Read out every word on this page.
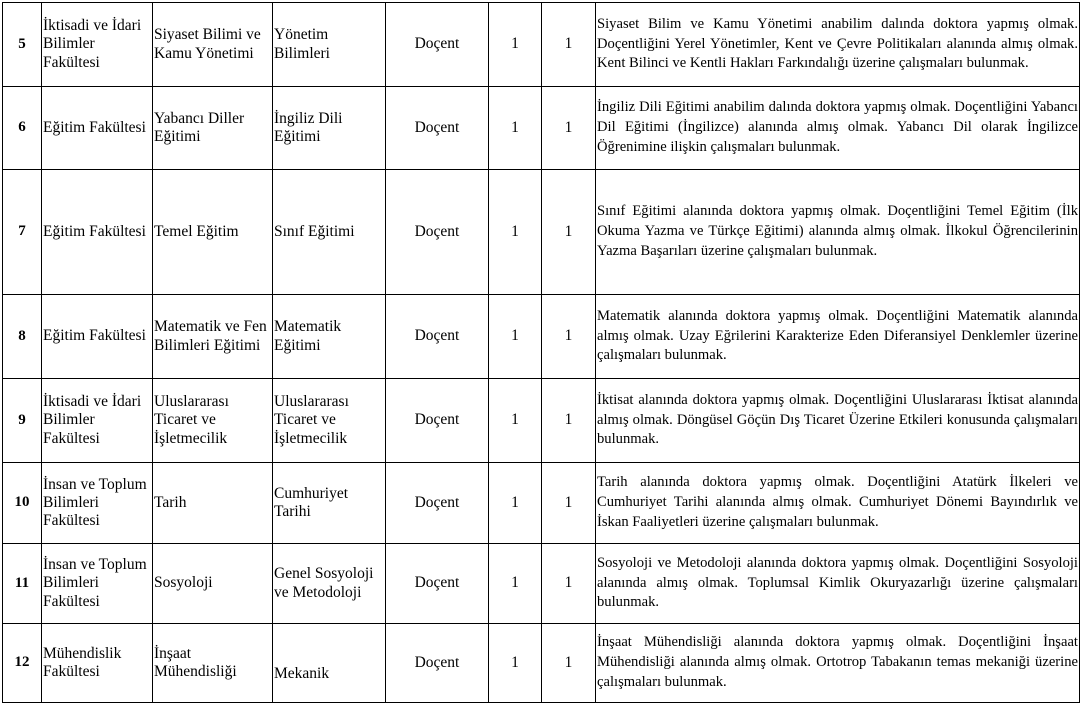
5	İktisadi ve İdari Bilimler Fakültesi	Siyaset Bilimi ve Kamu Yönetimi	Yönetim Bilimleri	Doçent	1	1	Siyaset Bilim ve Kamu Yönetimi anabilim dalında doktora yapmış olmak. Doçentliğini Yerel Yönetimler, Kent ve Çevre Politikaları alanında almış olmak. Kent Bilinci ve Kentli Hakları Farkındalığı üzerine çalışmaları bulunmak.
6	Eğitim Fakültesi	Yabancı Diller Eğitimi	İngiliz Dili Eğitimi	Doçent	1	1	İngiliz Dili Eğitimi anabilim dalında doktora yapmış olmak. Doçentliğini Yabancı Dil Eğitimi (İngilizce) alanında almış olmak. Yabancı Dil olarak İngilizce Öğrenimine ilişkin çalışmaları bulunmak.
7	Eğitim Fakültesi	Temel Eğitim	Sınıf Eğitimi	Doçent	1	1	Sınıf Eğitimi alanında doktora yapmış olmak. Doçentliğini Temel Eğitim (İlk Okuma Yazma ve Türkçe Eğitimi) alanında almış olmak. İlkokul Öğrencilerinin Yazma Başarıları üzerine çalışmaları bulunmak.
8	Eğitim Fakültesi	Matematik ve Fen Bilimleri Eğitimi	Matematik Eğitimi	Doçent	1	1	Matematik alanında doktora yapmış olmak. Doçentliğini Matematik alanında almış olmak. Uzay Eğrilerini Karakterize Eden Diferansiyel Denklemler üzerine çalışmaları bulunmak.
9	İktisadi ve İdari Bilimler Fakültesi	Uluslararası Ticaret ve İşletmecilik	Uluslararası Ticaret ve İşletmecilik	Doçent	1	1	İktisat alanında doktora yapmış olmak. Doçentliğini Uluslararası İktisat alanında almış olmak. Döngüsel Göçün Dış Ticaret Üzerine Etkileri konusunda çalışmaları bulunmak.
10	İnsan ve Toplum Bilimleri Fakültesi	Tarih	Cumhuriyet Tarihi	Doçent	1	1	Tarih alanında doktora yapmış olmak. Doçentliğini Atatürk İlkeleri ve Cumhuriyet Tarihi alanında almış olmak. Cumhuriyet Dönemi Bayındırlık ve İskan Faaliyetleri üzerine çalışmaları bulunmak.
11	İnsan ve Toplum Bilimleri Fakültesi	Sosyoloji	Genel Sosyoloji ve Metodoloji	Doçent	1	1	Sosyoloji ve Metodoloji alanında doktora yapmış olmak. Doçentliğini Sosyoloji alanında almış olmak. Toplumsal Kimlik Okuryazarlığı üzerine çalışmaları bulunmak.
12	Mühendislik Fakültesi	İnşaat Mühendisliği	Mekanik	Doçent	1	1	İnşaat Mühendisliği alanında doktora yapmış olmak. Doçentliğini İnşaat Mühendisliği alanında almış olmak. Ortotrop Tabakanın temas mekaniği üzerine çalışmaları bulunmak.
